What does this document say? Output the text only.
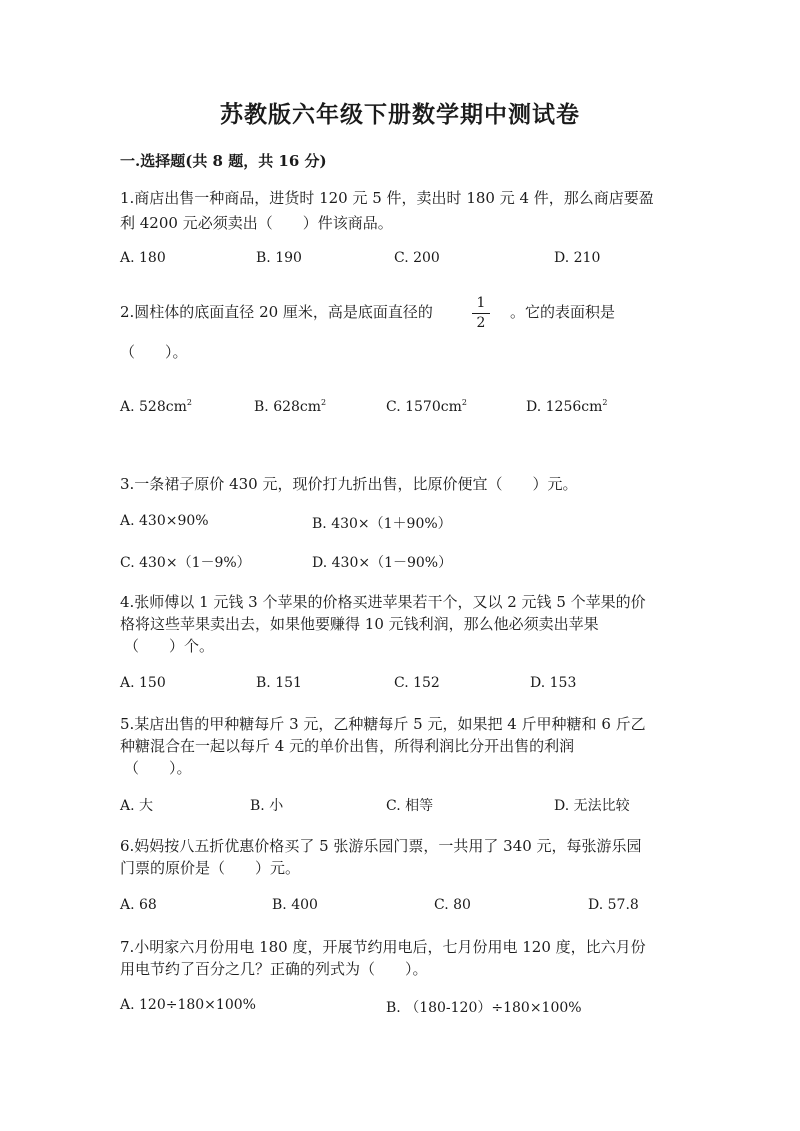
苏教版六年级下册数学期中测试卷
一.选择题(共 8 题，共 16 分)
1.商店出售一种商品，进货时 120 元 5 件，卖出时 180 元 4 件，那么商店要盈
利 4200 元必须卖出（　　）件该商品。
A. 180	B. 190	C. 200	D. 210
2.圆柱体的底面直径 20 厘米，高是底面直径的	1
2
。它的表面积是
（　　）。
A. $528cm^2$	B. $628cm^2$	C. $1570cm^2$	D. $1256cm^2$
3.一条裙子原价 430 元，现价打九折出售，比原价便宜（　　）元。
A. 430×90%	B. 430×（1＋90%）
C. 430×（1－9%）	D. 430×（1－90%）
4.张师傅以 1 元钱 3 个苹果的价格买进苹果若干个，又以 2 元钱 5 个苹果的价
格将这些苹果卖出去，如果他要赚得 10 元钱利润，那么他必须卖出苹果
（　　）个。
A. 150	B. 151	C. 152	D. 153
5.某店出售的甲种糖每斤 3 元，乙种糖每斤 5 元，如果把 4 斤甲种糖和 6 斤乙
种糖混合在一起以每斤 4 元的单价出售，所得利润比分开出售的利润
（　　）。
A. 大	B. 小	C. 相等	D. 无法比较
6.妈妈按八五折优惠价格买了 5 张游乐园门票，一共用了 340 元，每张游乐园
门票的原价是（　　）元。
A. 68	B. 400	C. 80	D. 57.8
7.小明家六月份用电 180 度，开展节约用电后，七月份用电 120 度，比六月份
用电节约了百分之几？正确的列式为（　　）。
A. 120÷180×100%	B. （180-120）÷180×100%
